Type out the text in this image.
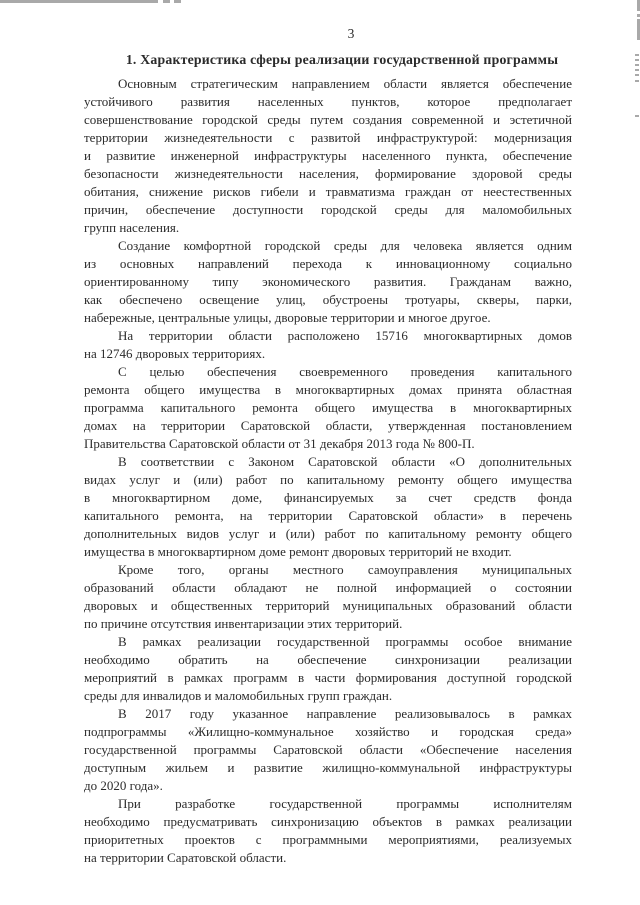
3
1. Характеристика сферы реализации государственной программы
Основным стратегическим направлением области является обеспечение
устойчивого развития населенных пунктов, которое предполагает
совершенствование городской среды путем создания современной и эстетичной
территории жизнедеятельности с развитой инфраструктурой: модернизация
и развитие инженерной инфраструктуры населенного пункта, обеспечение
безопасности жизнедеятельности населения, формирование здоровой среды
обитания, снижение рисков гибели и травматизма граждан от неестественных
причин, обеспечение доступности городской среды для маломобильных
групп населения.
Создание комфортной городской среды для человека является одним
из основных направлений перехода к инновационному социально
ориентированному типу экономического развития. Гражданам важно,
как обеспечено освещение улиц, обустроены тротуары, скверы, парки,
набережные, центральные улицы, дворовые территории и многое другое.
На территории области расположено 15716 многоквартирных домов
на 12746 дворовых территориях.
С целью обеспечения своевременного проведения капитального
ремонта общего имущества в многоквартирных домах принята областная
программа капитального ремонта общего имущества в многоквартирных
домах на территории Саратовской области, утвержденная постановлением
Правительства Саратовской области от 31 декабря 2013 года № 800-П.
В соответствии с Законом Саратовской области «О дополнительных
видах услуг и (или) работ по капитальному ремонту общего имущества
в многоквартирном доме, финансируемых за счет средств фонда
капитального ремонта, на территории Саратовской области» в перечень
дополнительных видов услуг и (или) работ по капитальному ремонту общего
имущества в многоквартирном доме ремонт дворовых территорий не входит.
Кроме того, органы местного самоуправления муниципальных
образований области обладают не полной информацией о состоянии
дворовых и общественных территорий муниципальных образований области
по причине отсутствия инвентаризации этих территорий.
В рамках реализации государственной программы особое внимание
необходимо обратить на обеспечение синхронизации реализации
мероприятий в рамках программ в части формирования доступной городской
среды для инвалидов и маломобильных групп граждан.
В 2017 году указанное направление реализовывалось в рамках
подпрограммы «Жилищно-коммунальное хозяйство и городская среда»
государственной программы Саратовской области «Обеспечение населения
доступным жильем и развитие жилищно-коммунальной инфраструктуры
до 2020 года».
При разработке государственной программы исполнителям
необходимо предусматривать синхронизацию объектов в рамках реализации
приоритетных проектов с программными мероприятиями, реализуемых
на территории Саратовской области.
